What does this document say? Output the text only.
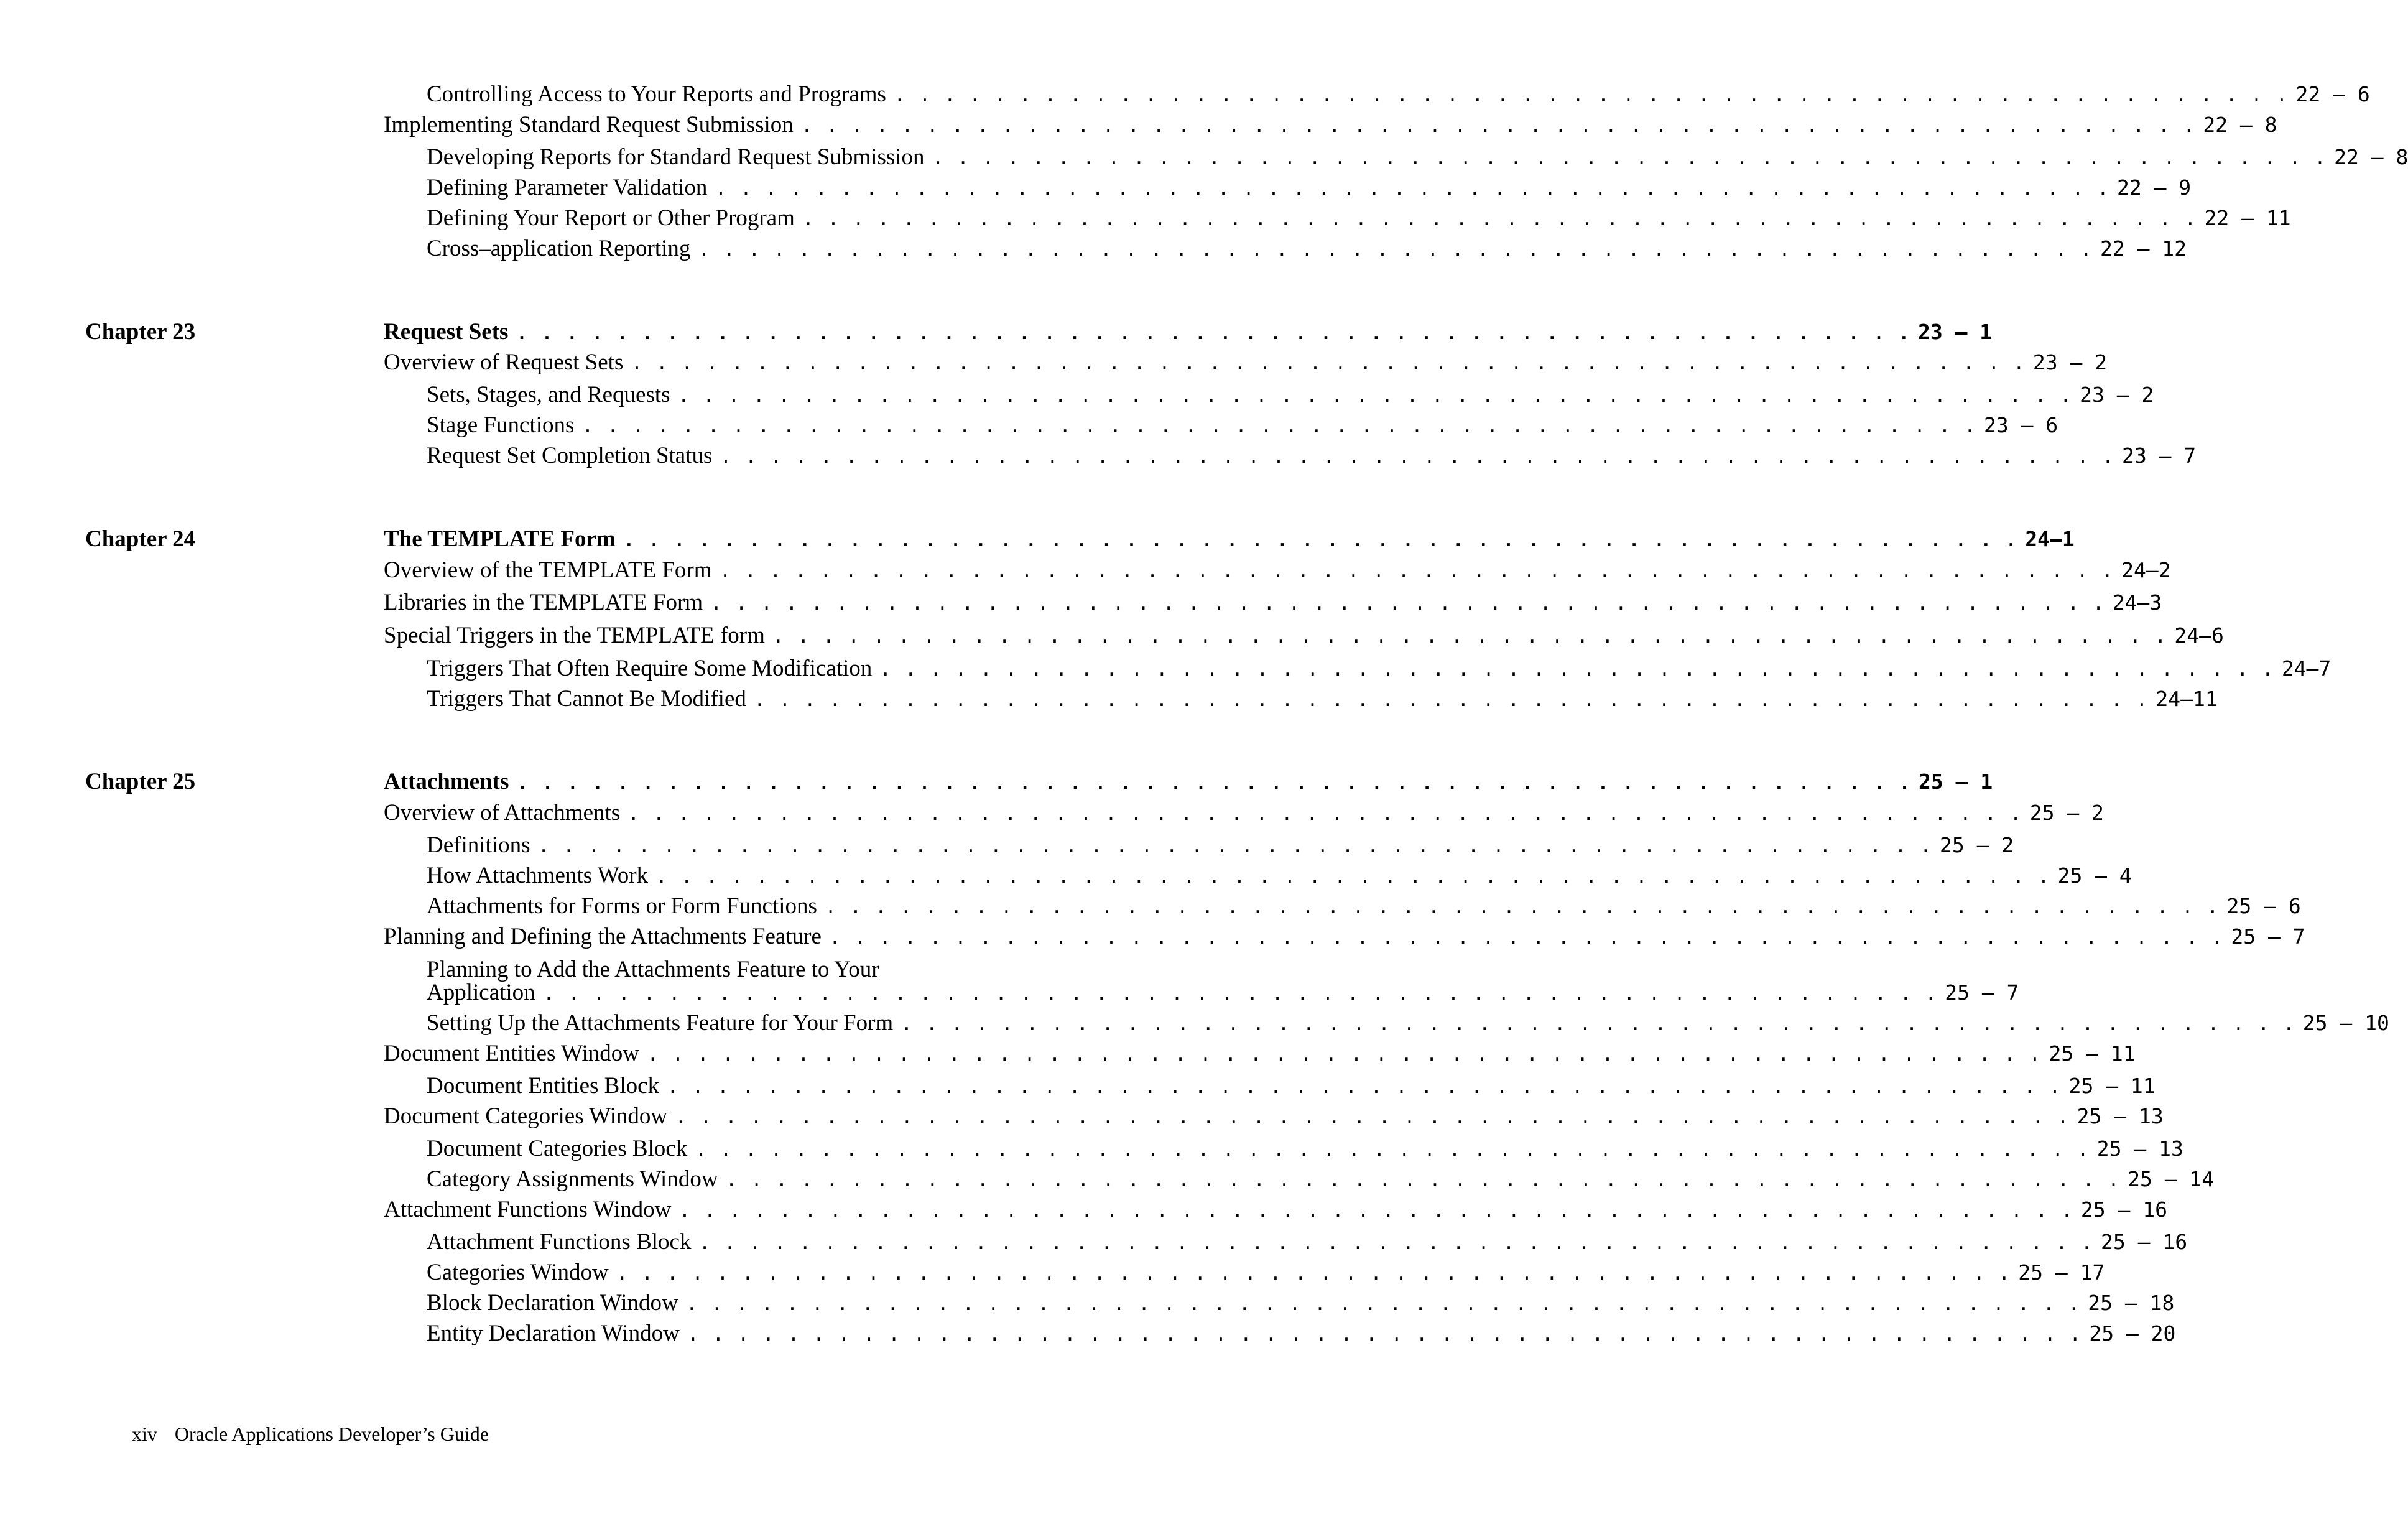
Controlling Access to Your Reports and Programs . . . . . . . . . . . . . . . . . . . . . . . . . . . . . . . . . . . . . . . . . . . . . . . . . . . . . . . . 22 – 6
Implementing Standard Request Submission . . . . . . . . . . . . . . . . . . . . . . . . . . . . . . . . . . . . . . . . . . . . . . . . . . . . . . . . 22 – 8
Developing Reports for Standard Request Submission . . . . . . . . . . . . . . . . . . . . . . . . . . . . . . . . . . . . . . . . . . . . . . . . . . . . . . . . 22 – 8
Defining Parameter Validation . . . . . . . . . . . . . . . . . . . . . . . . . . . . . . . . . . . . . . . . . . . . . . . . . . . . . . . . 22 – 9
Defining Your Report or Other Program . . . . . . . . . . . . . . . . . . . . . . . . . . . . . . . . . . . . . . . . . . . . . . . . . . . . . . . . 22 – 11
Cross–application Reporting . . . . . . . . . . . . . . . . . . . . . . . . . . . . . . . . . . . . . . . . . . . . . . . . . . . . . . . . 22 – 12
Chapter 23	Request Sets . . . . . . . . . . . . . . . . . . . . . . . . . . . . . . . . . . . . . . . . . . . . . . . . . . . . . . . . 23 – 1
Overview of Request Sets . . . . . . . . . . . . . . . . . . . . . . . . . . . . . . . . . . . . . . . . . . . . . . . . . . . . . . . . 23 – 2
Sets, Stages, and Requests . . . . . . . . . . . . . . . . . . . . . . . . . . . . . . . . . . . . . . . . . . . . . . . . . . . . . . . . 23 – 2
Stage Functions . . . . . . . . . . . . . . . . . . . . . . . . . . . . . . . . . . . . . . . . . . . . . . . . . . . . . . . . 23 – 6
Request Set Completion Status . . . . . . . . . . . . . . . . . . . . . . . . . . . . . . . . . . . . . . . . . . . . . . . . . . . . . . . . 23 – 7
Chapter 24	The TEMPLATE Form . . . . . . . . . . . . . . . . . . . . . . . . . . . . . . . . . . . . . . . . . . . . . . . . . . . . . . . . 24–1
Overview of the TEMPLATE Form . . . . . . . . . . . . . . . . . . . . . . . . . . . . . . . . . . . . . . . . . . . . . . . . . . . . . . . . 24–2
Libraries in the TEMPLATE Form . . . . . . . . . . . . . . . . . . . . . . . . . . . . . . . . . . . . . . . . . . . . . . . . . . . . . . . . 24–3
Special Triggers in the TEMPLATE form . . . . . . . . . . . . . . . . . . . . . . . . . . . . . . . . . . . . . . . . . . . . . . . . . . . . . . . . 24–6
Triggers That Often Require Some Modification . . . . . . . . . . . . . . . . . . . . . . . . . . . . . . . . . . . . . . . . . . . . . . . . . . . . . . . . 24–7
Triggers That Cannot Be Modified . . . . . . . . . . . . . . . . . . . . . . . . . . . . . . . . . . . . . . . . . . . . . . . . . . . . . . . . 24–11
Chapter 25	Attachments . . . . . . . . . . . . . . . . . . . . . . . . . . . . . . . . . . . . . . . . . . . . . . . . . . . . . . . . 25 – 1
Overview of Attachments . . . . . . . . . . . . . . . . . . . . . . . . . . . . . . . . . . . . . . . . . . . . . . . . . . . . . . . . 25 – 2
Definitions . . . . . . . . . . . . . . . . . . . . . . . . . . . . . . . . . . . . . . . . . . . . . . . . . . . . . . . . 25 – 2
How Attachments Work . . . . . . . . . . . . . . . . . . . . . . . . . . . . . . . . . . . . . . . . . . . . . . . . . . . . . . . . 25 – 4
Attachments for Forms or Form Functions . . . . . . . . . . . . . . . . . . . . . . . . . . . . . . . . . . . . . . . . . . . . . . . . . . . . . . . . 25 – 6
Planning and Defining the Attachments Feature . . . . . . . . . . . . . . . . . . . . . . . . . . . . . . . . . . . . . . . . . . . . . . . . . . . . . . . . 25 – 7
Planning to Add the Attachments Feature to Your
Application . . . . . . . . . . . . . . . . . . . . . . . . . . . . . . . . . . . . . . . . . . . . . . . . . . . . . . . . 25 – 7
Setting Up the Attachments Feature for Your Form . . . . . . . . . . . . . . . . . . . . . . . . . . . . . . . . . . . . . . . . . . . . . . . . . . . . . . . . 25 – 10
Document Entities Window . . . . . . . . . . . . . . . . . . . . . . . . . . . . . . . . . . . . . . . . . . . . . . . . . . . . . . . . 25 – 11
Document Entities Block . . . . . . . . . . . . . . . . . . . . . . . . . . . . . . . . . . . . . . . . . . . . . . . . . . . . . . . . 25 – 11
Document Categories Window . . . . . . . . . . . . . . . . . . . . . . . . . . . . . . . . . . . . . . . . . . . . . . . . . . . . . . . . 25 – 13
Document Categories Block . . . . . . . . . . . . . . . . . . . . . . . . . . . . . . . . . . . . . . . . . . . . . . . . . . . . . . . . 25 – 13
Category Assignments Window . . . . . . . . . . . . . . . . . . . . . . . . . . . . . . . . . . . . . . . . . . . . . . . . . . . . . . . . 25 – 14
Attachment Functions Window . . . . . . . . . . . . . . . . . . . . . . . . . . . . . . . . . . . . . . . . . . . . . . . . . . . . . . . . 25 – 16
Attachment Functions Block . . . . . . . . . . . . . . . . . . . . . . . . . . . . . . . . . . . . . . . . . . . . . . . . . . . . . . . . 25 – 16
Categories Window . . . . . . . . . . . . . . . . . . . . . . . . . . . . . . . . . . . . . . . . . . . . . . . . . . . . . . . . 25 – 17
Block Declaration Window . . . . . . . . . . . . . . . . . . . . . . . . . . . . . . . . . . . . . . . . . . . . . . . . . . . . . . . . 25 – 18
Entity Declaration Window . . . . . . . . . . . . . . . . . . . . . . . . . . . . . . . . . . . . . . . . . . . . . . . . . . . . . . . . 25 – 20
xiv Oracle Applications Developer’s Guide
